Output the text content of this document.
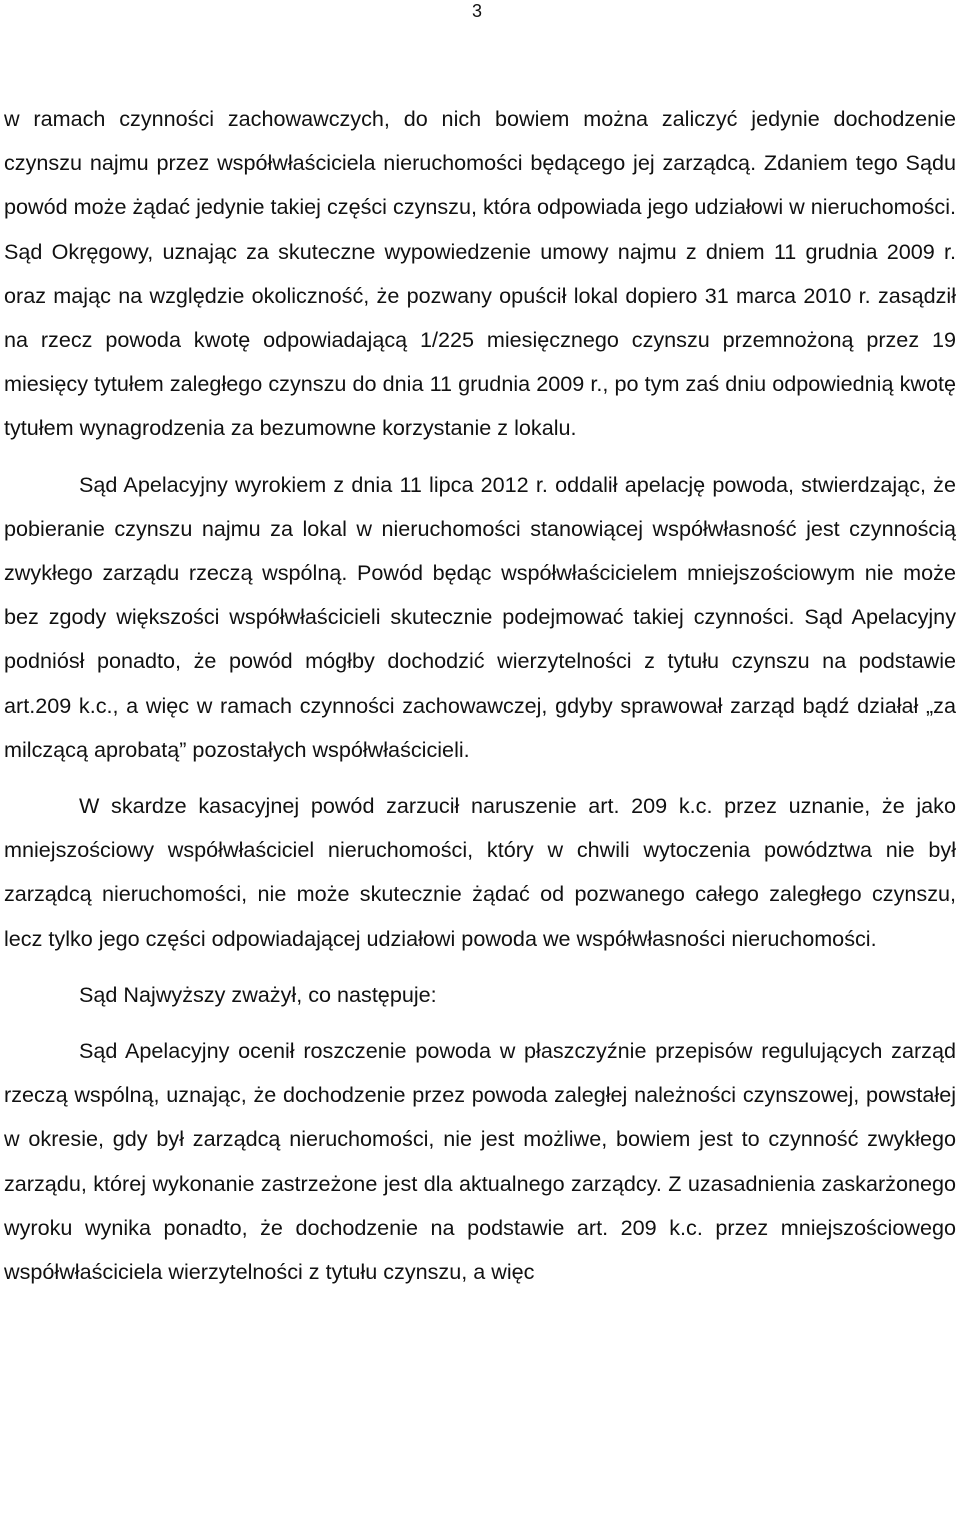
3

w ramach czynności zachowawczych, do nich bowiem można zaliczyć jedynie dochodzenie czynszu najmu przez współwłaściciela nieruchomości będącego jej zarządcą. Zdaniem tego Sądu powód może żądać jedynie takiej części czynszu, która odpowiada jego udziałowi w nieruchomości. Sąd Okręgowy, uznając za skuteczne wypowiedzenie umowy najmu z dniem 11 grudnia 2009 r. oraz mając na względzie okoliczność, że pozwany opuścił lokal dopiero 31 marca 2010 r. zasądził na rzecz powoda kwotę odpowiadającą 1/225 miesięcznego czynszu przemnożoną przez 19 miesięcy tytułem zaległego czynszu do dnia 11 grudnia 2009 r., po tym zaś dniu odpowiednią kwotę tytułem wynagrodzenia za bezumowne korzystanie z lokalu.

Sąd Apelacyjny wyrokiem z dnia 11 lipca 2012 r. oddalił apelację powoda, stwierdzając, że pobieranie czynszu najmu za lokal w nieruchomości stanowiącej współwłasność jest czynnością zwykłego zarządu rzeczą wspólną. Powód będąc współwłaścicielem mniejszościowym nie może bez zgody większości współwłaścicieli skutecznie podejmować takiej czynności. Sąd Apelacyjny podniósł ponadto, że powód mógłby dochodzić wierzytelności z tytułu czynszu na podstawie art.209 k.c., a więc w ramach czynności zachowawczej, gdyby sprawował zarząd bądź działał „za milczącą aprobatą” pozostałych współwłaścicieli.

W skardze kasacyjnej powód zarzucił naruszenie art. 209 k.c. przez uznanie, że jako mniejszościowy współwłaściciel nieruchomości, który w chwili wytoczenia powództwa nie był zarządcą nieruchomości, nie może skutecznie żądać od pozwanego całego zaległego czynszu, lecz tylko jego części odpowiadającej udziałowi powoda we współwłasności nieruchomości.

Sąd Najwyższy zważył, co następuje:

Sąd Apelacyjny ocenił roszczenie powoda w płaszczyźnie przepisów regulujących zarząd rzeczą wspólną, uznając, że dochodzenie przez powoda zaległej należności czynszowej, powstałej w okresie, gdy był zarządcą nieruchomości, nie jest możliwe, bowiem jest to czynność zwykłego zarządu, której wykonanie zastrzeżone jest dla aktualnego zarządcy. Z uzasadnienia zaskarżonego wyroku wynika ponadto, że dochodzenie na podstawie art. 209 k.c. przez mniejszościowego współwłaściciela wierzytelności z tytułu czynszu, a więc
